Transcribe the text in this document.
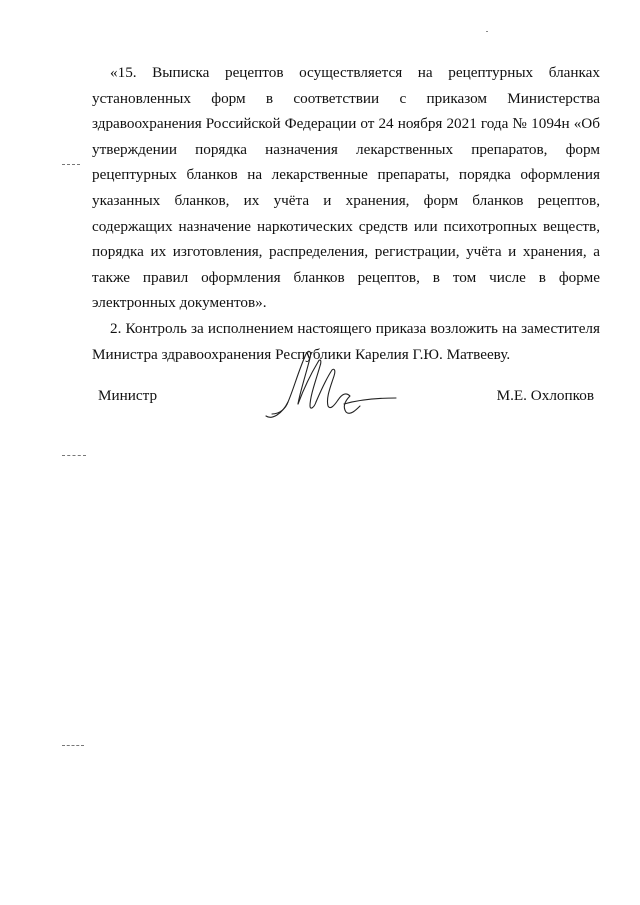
«15. Выписка рецептов осуществляется на рецептурных бланках установленных форм в соответствии с приказом Министерства здравоохранения Российской Федерации от 24 ноября 2021 года № 1094н «Об утверждении порядка назначения лекарственных препаратов, форм рецептурных бланков на лекарственные препараты, порядка оформления указанных бланков, их учёта и хранения, форм бланков рецептов, содержащих назначение наркотических средств или психотропных веществ, порядка их изготовления, распределения, регистрации, учёта и хранения, а также правил оформления бланков рецептов, в том числе в форме электронных документов».

2. Контроль за исполнением настоящего приказа возложить на заместителя Министра здравоохранения Республики Карелия Г.Ю. Матвееву.

Министр	М.Е. Охлопков
